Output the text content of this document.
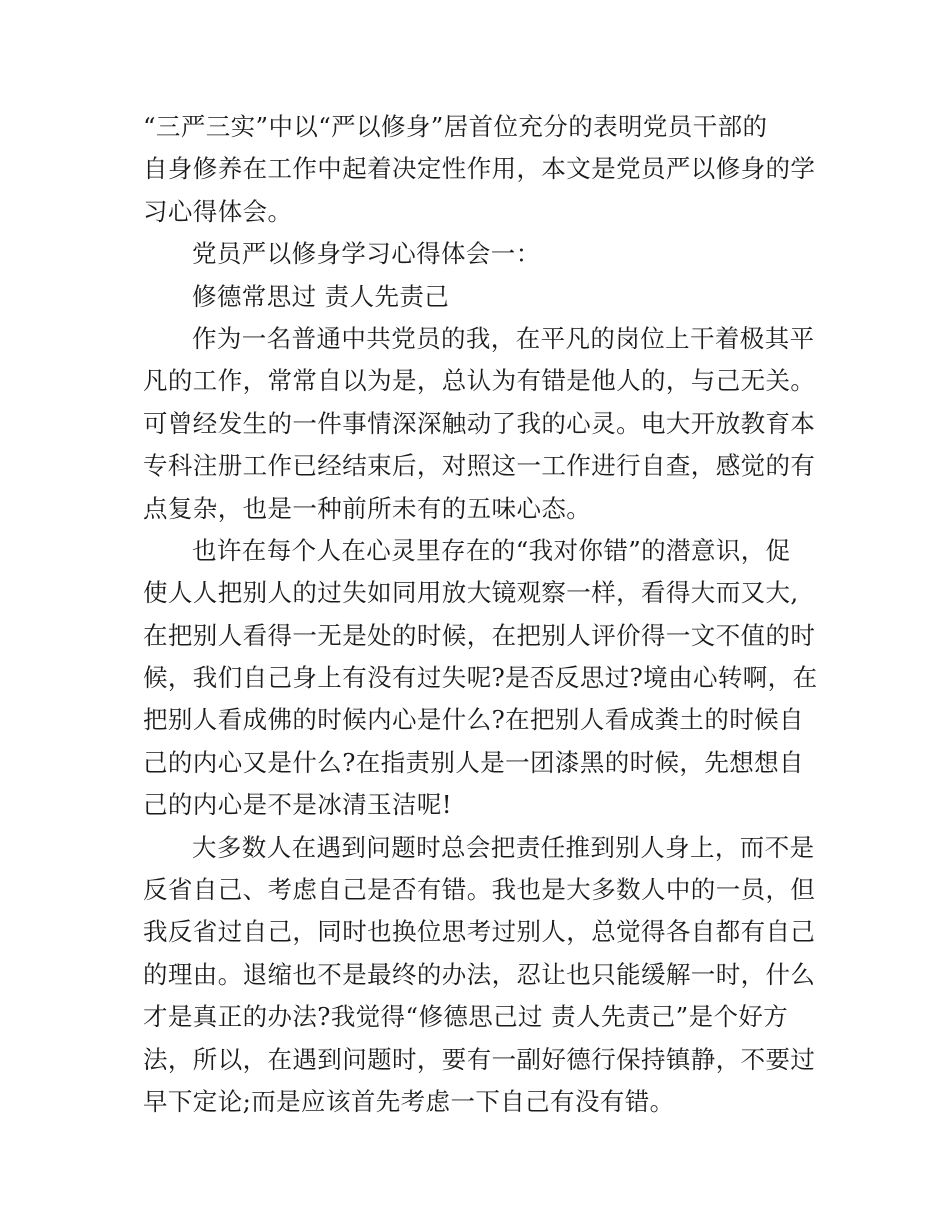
“三严三实”中以“严以修身”居首位充分的表明党员干部的
自身修养在工作中起着决定性作用，本文是党员严以修身的学
习心得体会。
党员严以修身学习心得体会一：
修德常思过 责人先责己
作为一名普通中共党员的我，在平凡的岗位上干着极其平
凡的工作，常常自以为是，总认为有错是他人的，与己无关。
可曾经发生的一件事情深深触动了我的心灵。电大开放教育本
专科注册工作已经结束后，对照这一工作进行自查，感觉的有
点复杂，也是一种前所未有的五味心态。
也许在每个人在心灵里存在的“我对你错”的潜意识，促
使人人把别人的过失如同用放大镜观察一样，看得大而又大,
在把别人看得一无是处的时候，在把别人评价得一文不值的时
候，我们自己身上有没有过失呢?是否反思过?境由心转啊，在
把别人看成佛的时候内心是什么?在把别人看成粪土的时候自
己的内心又是什么?在指责别人是一团漆黑的时候，先想想自
己的内心是不是冰清玉洁呢!
大多数人在遇到问题时总会把责任推到别人身上，而不是
反省自己、考虑自己是否有错。我也是大多数人中的一员，但
我反省过自己，同时也换位思考过别人，总觉得各自都有自己
的理由。退缩也不是最终的办法，忍让也只能缓解一时，什么
才是真正的办法?我觉得“修德思己过 责人先责己”是个好方
法，所以，在遇到问题时，要有一副好德行保持镇静，不要过
早下定论;而是应该首先考虑一下自己有没有错。
